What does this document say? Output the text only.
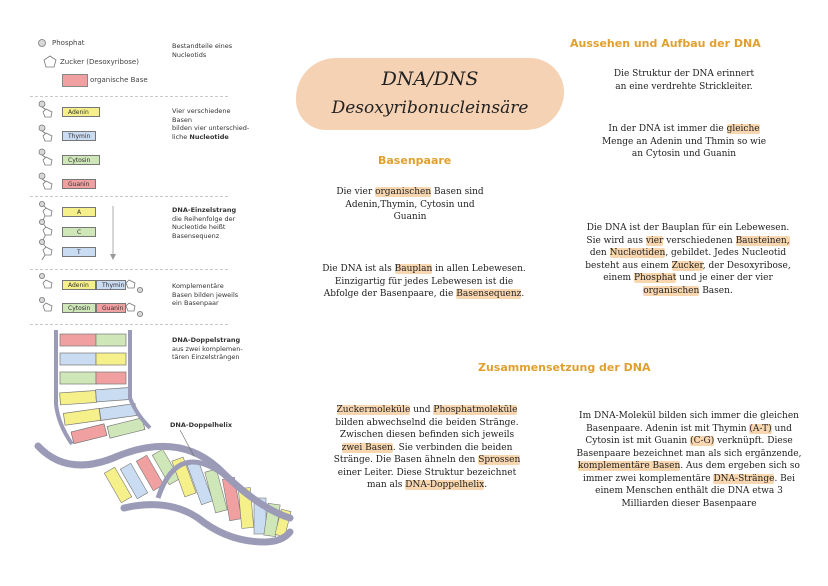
Phosphat
Zucker (Desoxyribose)
organische Base
Bestandteile eines Nucleotids
Adenin
Thymin
Cytosin
Guanin
Vier verschiedene Basen
bilden vier unterschied-
liche Nucleotide
A
C
T
DNA-Einzelstrang
die Reihenfolge der
Nucleotide heißt
Basensequenz
Adenin	Thymin
Cytosin	Guanin
Komplementäre
Basen bilden jeweils
ein Basenpaar
DNA-Doppelstrang
aus zwei komplemen-
tären Einzelsträngen
DNA-Doppelhelix
DNA/DNS
Desoxyribonucleinsäre
Basenpaare
Die vier organischen Basen sind
Adenin,Thymin, Cytosin und
Guanin
Die DNA ist als Bauplan in allen Lebewesen.
Einzigartig für jedes Lebewesen ist die
Abfolge der Basenpaare, die Basensequenz.
Aussehen und Aufbau der DNA
Die Struktur der DNA erinnert
an eine verdrehte Strickleiter.
In der DNA ist immer die gleiche
Menge an Adenin und Thmin so wie
an Cytosin und Guanin
Die DNA ist der Bauplan für ein Lebewesen.
Sie wird aus vier verschiedenen Bausteinen,
den Nucleotiden, gebildet. Jedes Nucleotid
besteht aus einem Zucker, der Desoxyribose,
einem Phosphat und je einer der vier
organischen Basen.
Zusammensetzung der DNA
Zuckermoleküle und Phosphatmoleküle
bilden abwechselnd die beiden Stränge.
Zwischen diesen befinden sich jeweils
zwei Basen. Sie verbinden die beiden
Stränge. Die Basen ähneln den Sprossen
einer Leiter. Diese Struktur bezeichnet
man als DNA-Doppelhelix.
Im DNA-Molekül bilden sich immer die gleichen
Basenpaare. Adenin ist mit Thymin (A-T) und
Cytosin ist mit Guanin (C-G) verknüpft. Diese
Basenpaare bezeichnet man als sich ergänzende,
komplementäre Basen. Aus dem ergeben sich so
immer zwei komplementäre DNA-Stränge. Bei
einem Menschen enthält die DNA etwa 3
Milliarden dieser Basenpaare
